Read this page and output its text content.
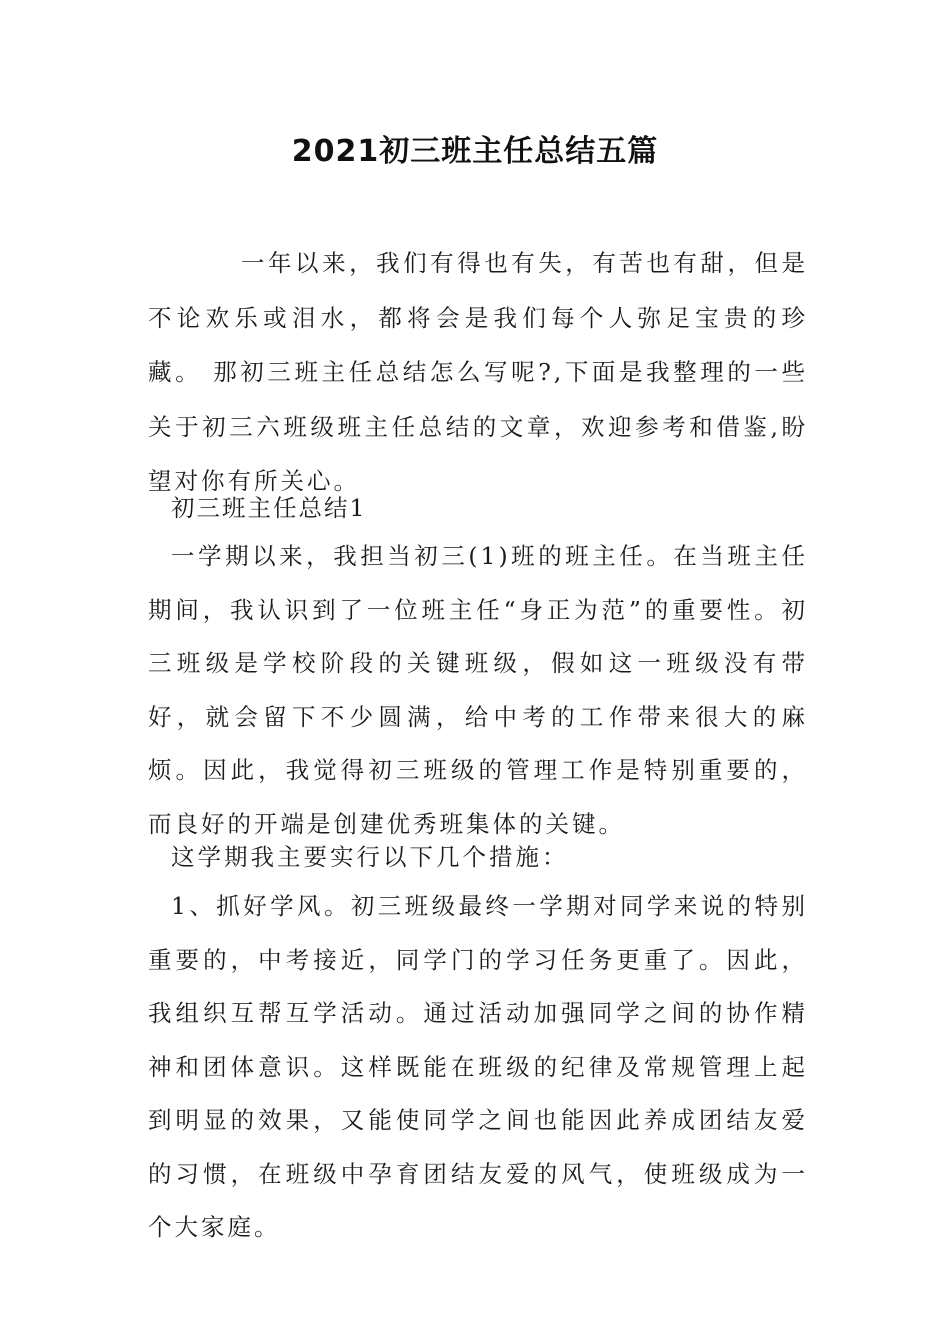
2021初三班主任总结五篇

一年以来，我们有得也有失，有苦也有甜，但是不论欢乐或泪水，都将会是我们每个人弥足宝贵的珍藏。 那初三班主任总结怎么写呢?,下面是我整理的一些关于初三六班级班主任总结的文章，欢迎参考和借鉴,盼望对你有所关心。

初三班主任总结1

一学期以来，我担当初三(1)班的班主任。在当班主任期间，我认识到了一位班主任“身正为范”的重要性。初三班级是学校阶段的关键班级，假如这一班级没有带好，就会留下不少圆满，给中考的工作带来很大的麻烦。因此，我觉得初三班级的管理工作是特别重要的，而良好的开端是创建优秀班集体的关键。

这学期我主要实行以下几个措施：

1、抓好学风。初三班级最终一学期对同学来说的特别重要的，中考接近，同学门的学习任务更重了。因此，我组织互帮互学活动。通过活动加强同学之间的协作精神和团体意识。这样既能在班级的纪律及常规管理上起到明显的效果，又能使同学之间也能因此养成团结友爱的习惯，在班级中孕育团结友爱的风气，使班级成为一个大家庭。
